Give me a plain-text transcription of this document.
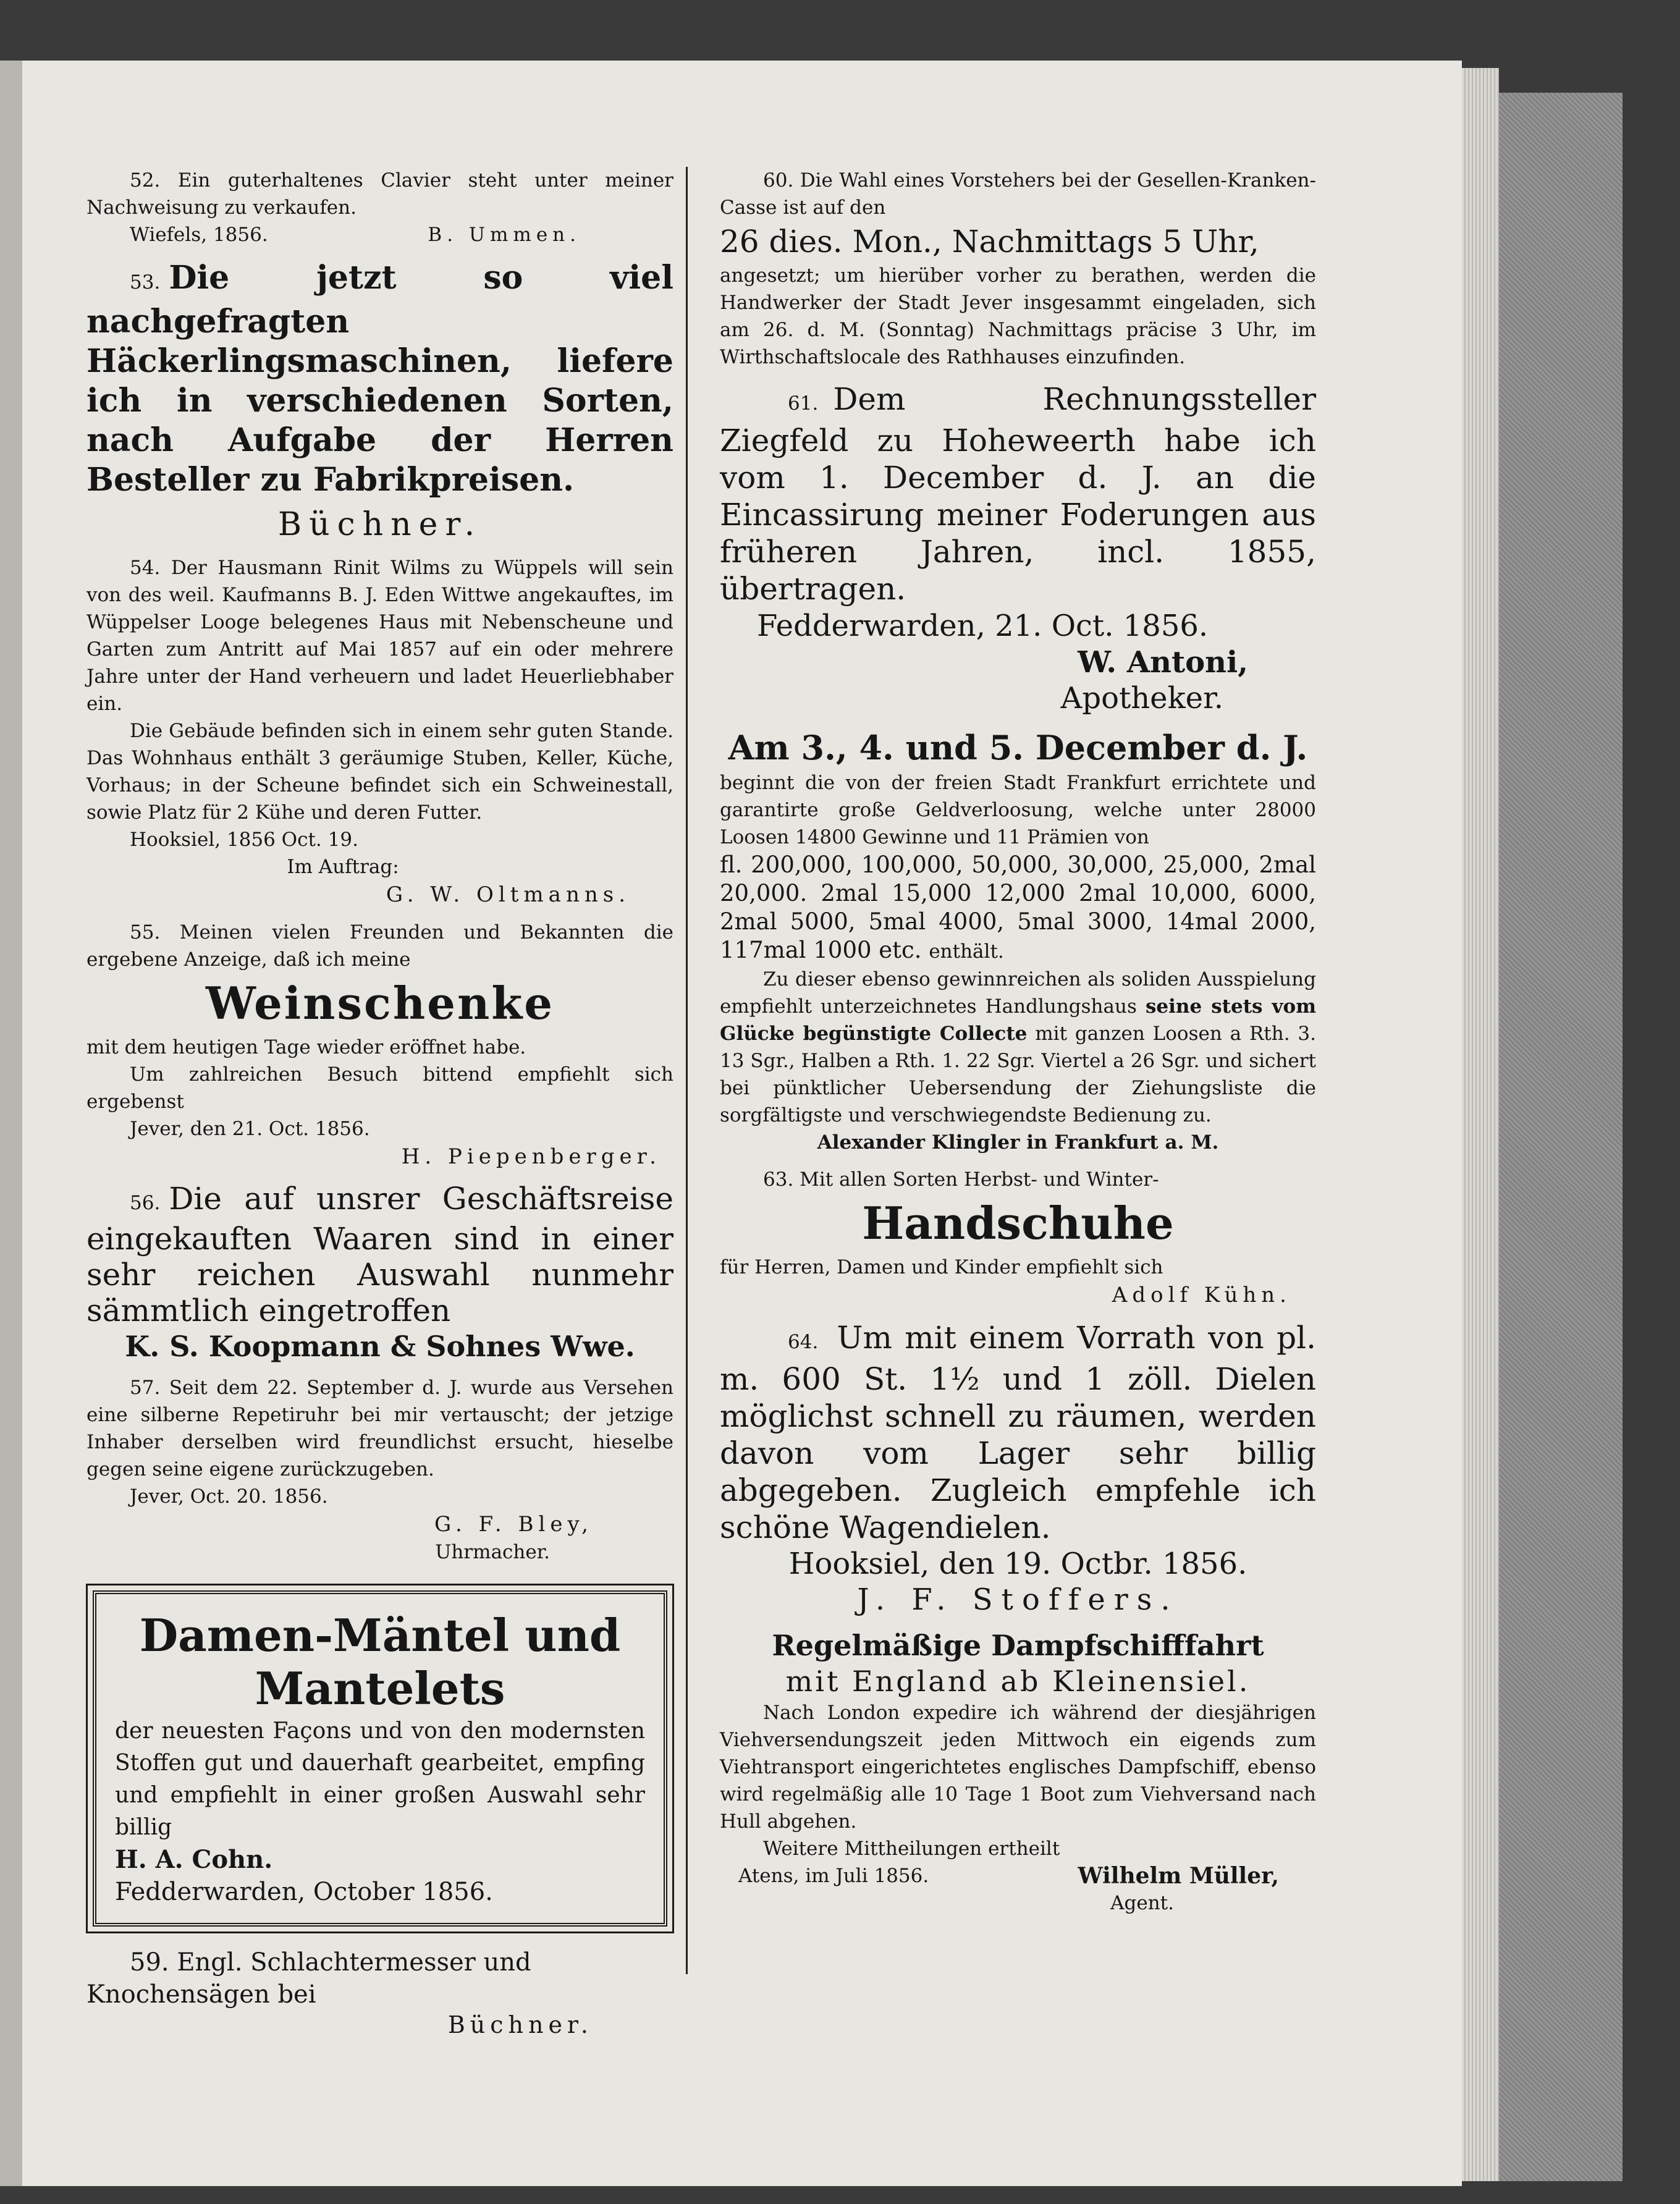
52. Ein guterhaltenes Clavier steht unter meiner Nachweisung zu verkaufen.

Wiefels, 1856.	B. Ummen.

53. Die jetzt so viel nachgefragten Häckerlingsmaschinen, liefere ich in verschiedenen Sorten, nach Aufgabe der Herren Besteller zu Fabrikpreisen.

Büchner.

54. Der Hausmann Rinit Wilms zu Wüppels will sein von des weil. Kaufmanns B. J. Eden Wittwe angekauftes, im Wüppelser Looge belegenes Haus mit Nebenscheune und Garten zum Antritt auf Mai 1857 auf ein oder mehrere Jahre unter der Hand verheuern und ladet Heuerliebhaber ein.

Die Gebäude befinden sich in einem sehr guten Stande. Das Wohnhaus enthält 3 geräumige Stuben, Keller, Küche, Vorhaus; in der Scheune befindet sich ein Schweinestall, sowie Platz für 2 Kühe und deren Futter.

Hooksiel, 1856 Oct. 19.

Im Auftrag:

G. W. Oltmanns.

55. Meinen vielen Freunden und Bekannten die ergebene Anzeige, daß ich meine

Weinschenke

mit dem heutigen Tage wieder eröffnet habe.

Um zahlreichen Besuch bittend empfiehlt sich ergebenst

Jever, den 21. Oct. 1856.

H. Piepenberger.

56. Die auf unsrer Geschäftsreise eingekauften Waaren sind in einer sehr reichen Auswahl nunmehr sämmtlich eingetroffen

K. S. Koopmann & Sohnes Wwe.

57. Seit dem 22. September d. J. wurde aus Versehen eine silberne Repetiruhr bei mir vertauscht; der jetzige Inhaber derselben wird freundlichst ersucht, hieselbe gegen seine eigene zurückzugeben.

Jever, Oct. 20. 1856.

G. F. Bley,

Uhrmacher.

Damen-Mäntel und Mantelets

der neuesten Façons und von den modernsten Stoffen gut und dauerhaft gearbeitet, empfing und empfiehlt in einer großen Auswahl sehr billig

H. A. Cohn.

Fedderwarden, October 1856.

59. Engl. Schlachtermesser und Knochensägen bei

Büchner.

60. Die Wahl eines Vorstehers bei der Gesellen-Kranken-Casse ist auf den

26 dies. Mon., Nachmittags 5 Uhr,

angesetzt; um hierüber vorher zu berathen, werden die Handwerker der Stadt Jever insgesammt eingeladen, sich am 26. d. M. (Sonntag) Nachmittags präcise 3 Uhr, im Wirthschaftslocale des Rathhauses einzufinden.

61. Dem Rechnungssteller Ziegfeld zu Hoheweerth habe ich vom 1. December d. J. an die Eincassirung meiner Foderungen aus früheren Jahren, incl. 1855, übertragen.

Fedderwarden, 21. Oct. 1856.

W. Antoni,

Apotheker.

Am 3., 4. und 5. December d. J.

beginnt die von der freien Stadt Frankfurt errichtete und garantirte große Geldverloosung, welche unter 28000 Loosen 14800 Gewinne und 11 Prämien von

fl. 200,000, 100,000, 50,000, 30,000, 25,000, 2mal 20,000. 2mal 15,000 12,000 2mal 10,000, 6000, 2mal 5000, 5mal 4000, 5mal 3000, 14mal 2000, 117mal 1000 etc. enthält.

Zu dieser ebenso gewinnreichen als soliden Ausspielung empfiehlt unterzeichnetes Handlungshaus seine stets vom Glücke begünstigte Collecte mit ganzen Loosen a Rth. 3. 13 Sgr., Halben a Rth. 1. 22 Sgr. Viertel a 26 Sgr. und sichert bei pünktlicher Uebersendung der Ziehungsliste die sorgfältigste und verschwiegendste Bedienung zu.

Alexander Klingler in Frankfurt a. M.

63. Mit allen Sorten Herbst- und Winter-

Handschuhe

für Herren, Damen und Kinder empfiehlt sich

Adolf Kühn.

64. Um mit einem Vorrath von pl. m. 600 St. 1½ und 1 zöll. Dielen möglichst schnell zu räumen, werden davon vom Lager sehr billig abgegeben. Zugleich empfehle ich schöne Wagendielen.

Hooksiel, den 19. Octbr. 1856.

J. F. Stoffers.

Regelmäßige Dampfschifffahrt

mit England ab Kleinensiel.

Nach London expedire ich während der diesjährigen Viehversendungszeit jeden Mittwoch ein eigends zum Viehtransport eingerichtetes englisches Dampfschiff, ebenso wird regelmäßig alle 10 Tage 1 Boot zum Viehversand nach Hull abgehen.

Weitere Mittheilungen ertheilt

Atens, im Juli 1856.	Wilhelm Müller,

Agent.
